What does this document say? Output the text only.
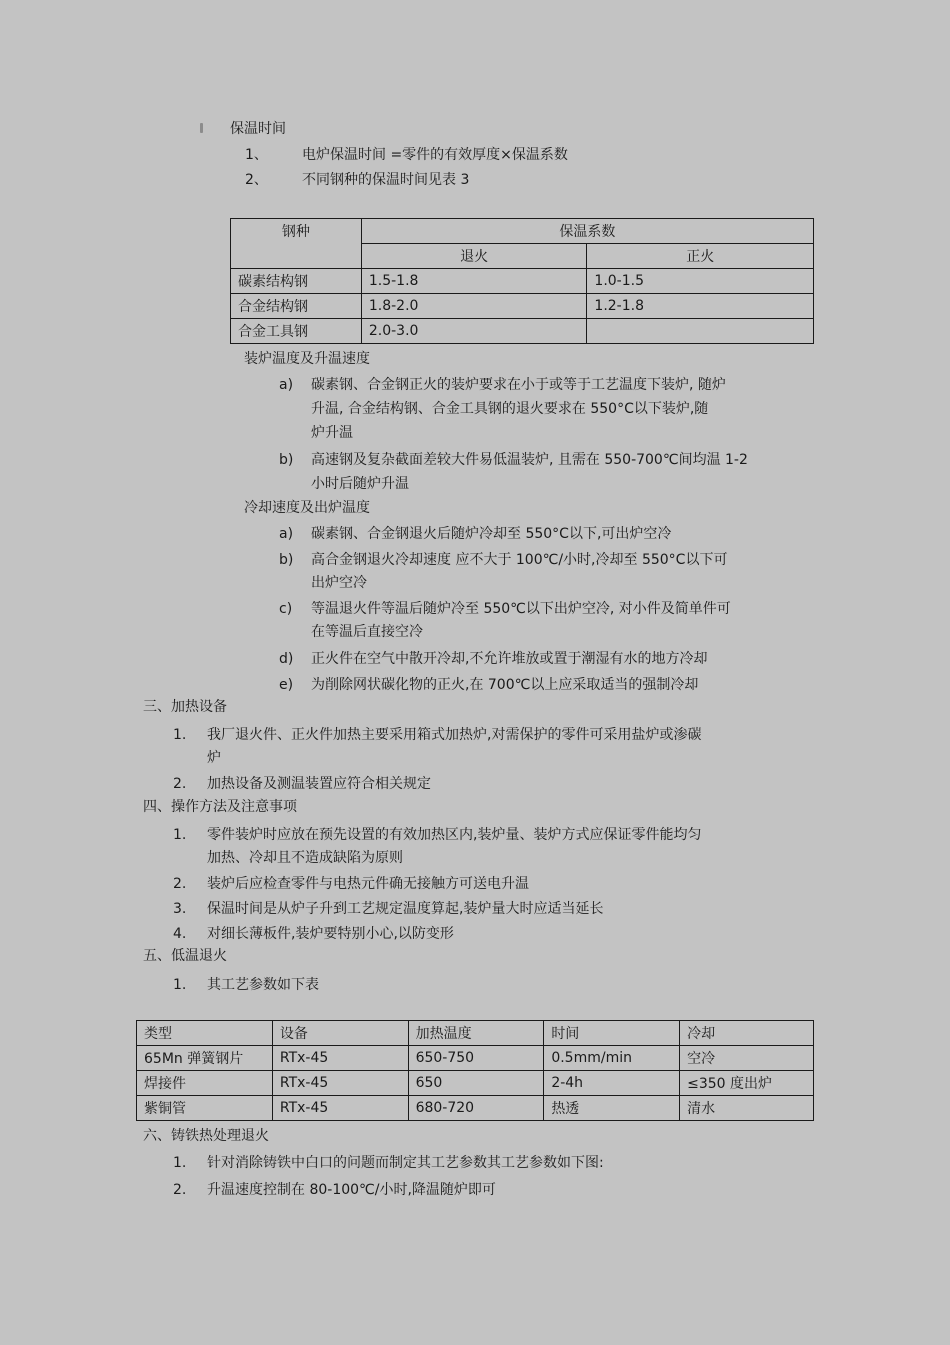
保温时间
1、 电炉保温时间 =零件的有效厚度×保温系数
2、 不同钢种的保温时间见表 3
钢种	保温系数	
	退火	正火
碳素结构钢	1.5-1.8	1.0-1.5
合金结构钢	1.8-2.0	1.2-1.8
合金工具钢	2.0-3.0	
装炉温度及升温速度
a) 碳素钢、合金钢正火的装炉要求在小于或等于工艺温度下装炉, 随炉
升温, 合金结构钢、合金工具钢的退火要求在 550°C以下装炉,随
炉升温
b) 高速钢及复杂截面差较大件易低温装炉, 且需在 550-700℃间均温 1-2
小时后随炉升温
冷却速度及出炉温度
a) 碳素钢、合金钢退火后随炉冷却至 550°C以下,可出炉空冷
b) 高合金钢退火冷却速度 应不大于 100℃/小时,冷却至 550°C以下可
出炉空冷
c) 等温退火件等温后随炉冷至 550℃以下出炉空冷, 对小件及简单件可
在等温后直接空冷
d) 正火件在空气中散开冷却,不允许堆放或置于潮湿有水的地方冷却
e) 为削除网状碳化物的正火,在 700℃以上应采取适当的强制冷却
三、加热设备
1. 我厂退火件、正火件加热主要采用箱式加热炉,对需保护的零件可采用盐炉或渗碳
炉
2. 加热设备及测温装置应符合相关规定
四、操作方法及注意事项
1. 零件装炉时应放在预先设置的有效加热区内,装炉量、装炉方式应保证零件能均匀
加热、冷却且不造成缺陷为原则
2. 装炉后应检查零件与电热元件确无接触方可送电升温
3. 保温时间是从炉子升到工艺规定温度算起,装炉量大时应适当延长
4. 对细长薄板件,装炉要特别小心,以防变形
五、低温退火
1. 其工艺参数如下表
类型	设备	加热温度	时间	冷却
65Mn 弹簧钢片	RTx-45	650-750	0.5mm/min	空冷
焊接件	RTx-45	650	2-4h	≤350 度出炉
紫铜管	RTx-45	680-720	热透	清水
六、铸铁热处理退火
1. 针对消除铸铁中白口的问题而制定其工艺参数其工艺参数如下图:
2. 升温速度控制在 80-100℃/小时,降温随炉即可
